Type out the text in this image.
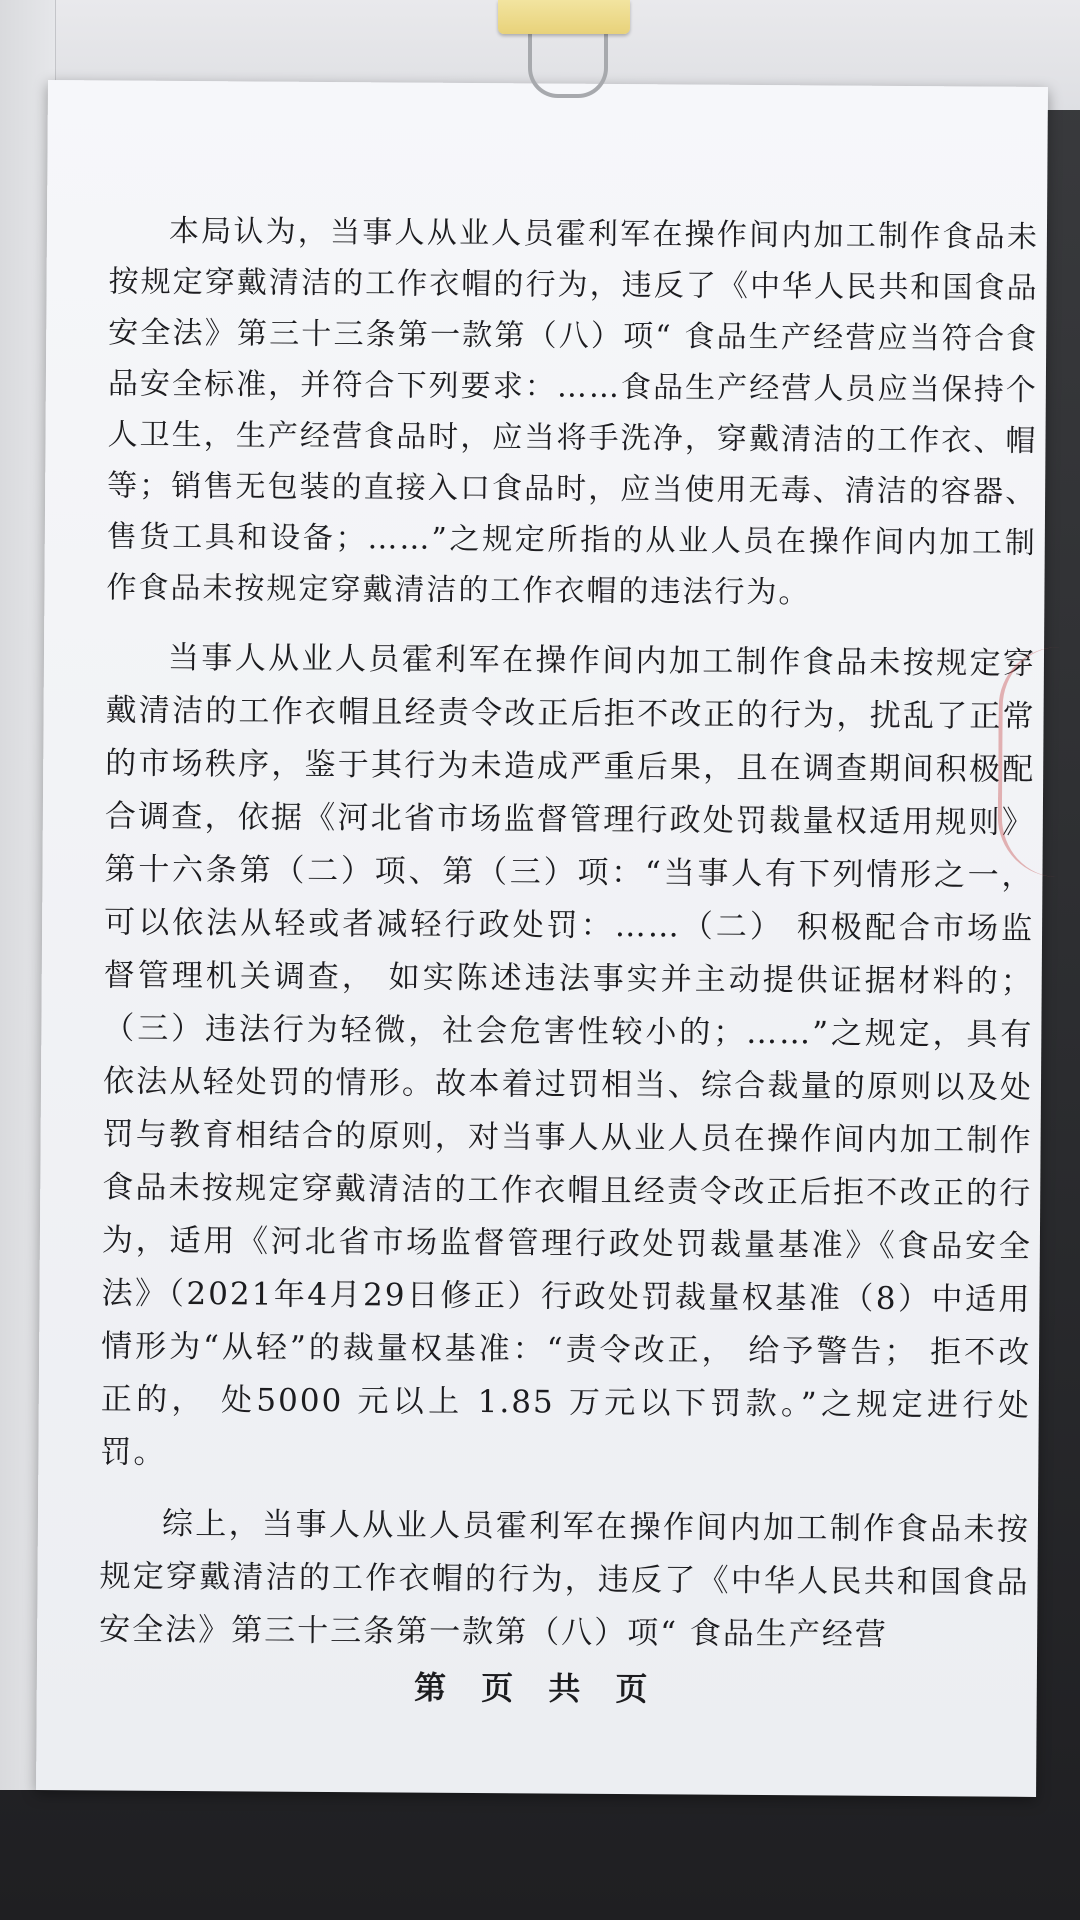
本局认为，当事人从业人员霍利军在操作间内加工制作食品未按规定穿戴清洁的工作衣帽的行为，违反了《中华人民共和国食品安全法》第三十三条第一款第（八）项“ 食品生产经营应当符合食品安全标准，并符合下列要求：……食品生产经营人员应当保持个人卫生，生产经营食品时，应当将手洗净，穿戴清洁的工作衣、帽等；销售无包装的直接入口食品时，应当使用无毒、清洁的容器、售货工具和设备；……”之规定所指的从业人员在操作间内加工制作食品未按规定穿戴清洁的工作衣帽的违法行为。

当事人从业人员霍利军在操作间内加工制作食品未按规定穿戴清洁的工作衣帽且经责令改正后拒不改正的行为，扰乱了正常的市场秩序，鉴于其行为未造成严重后果，且在调查期间积极配合调查，依据《河北省市场监督管理行政处罚裁量权适用规则》第十六条第（二）项、第（三）项：“当事人有下列情形之一，可以依法从轻或者减轻行政处罚：……（二） 积极配合市场监督管理机关调查， 如实陈述违法事实并主动提供证据材料的；（三）违法行为轻微，社会危害性较小的；……”之规定，具有依法从轻处罚的情形。故本着过罚相当、综合裁量的原则以及处罚与教育相结合的原则，对当事人从业人员在操作间内加工制作食品未按规定穿戴清洁的工作衣帽且经责令改正后拒不改正的行为，适用《河北省市场监督管理行政处罚裁量基准》《食品安全法》（2021年4月29日修正）行政处罚裁量权基准（8）中适用情形为“从轻”的裁量权基准：“责令改正， 给予警告； 拒不改正的， 处5000 元以上 1.85 万元以下罚款。”之规定进行处罚。

综上，当事人从业人员霍利军在操作间内加工制作食品未按规定穿戴清洁的工作衣帽的行为，违反了《中华人民共和国食品安全法》第三十三条第一款第（八）项“ 食品生产经营

第 页 共 页
